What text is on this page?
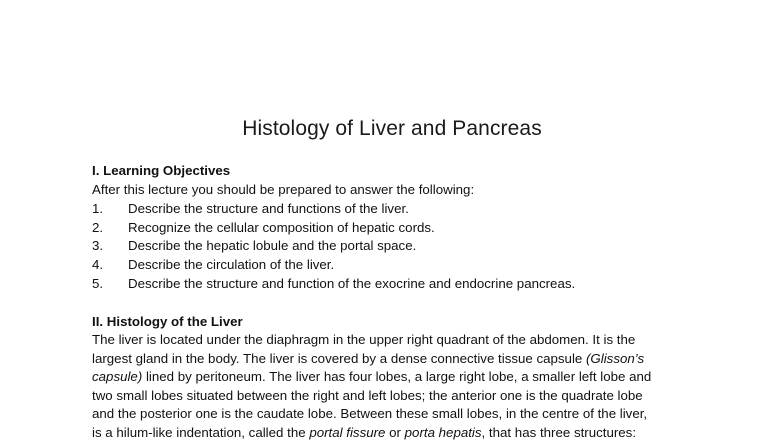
Histology of Liver and Pancreas
I. Learning Objectives
After this lecture you should be prepared to answer the following:
1. Describe the structure and functions of the liver.
2. Recognize the cellular composition of hepatic cords.
3. Describe the hepatic lobule and the portal space.
4. Describe the circulation of the liver.
5. Describe the structure and function of the exocrine and endocrine pancreas.
II. Histology of the Liver
The liver is located under the diaphragm in the upper right quadrant of the abdomen. It is the
largest gland in the body. The liver is covered by a dense connective tissue capsule (Glisson’s
capsule) lined by peritoneum. The liver has four lobes, a large right lobe, a smaller left lobe and
two small lobes situated between the right and left lobes; the anterior one is the quadrate lobe
and the posterior one is the caudate lobe. Between these small lobes, in the centre of the liver,
is a hilum-like indentation, called the portal fissure or porta hepatis, that has three structures:
